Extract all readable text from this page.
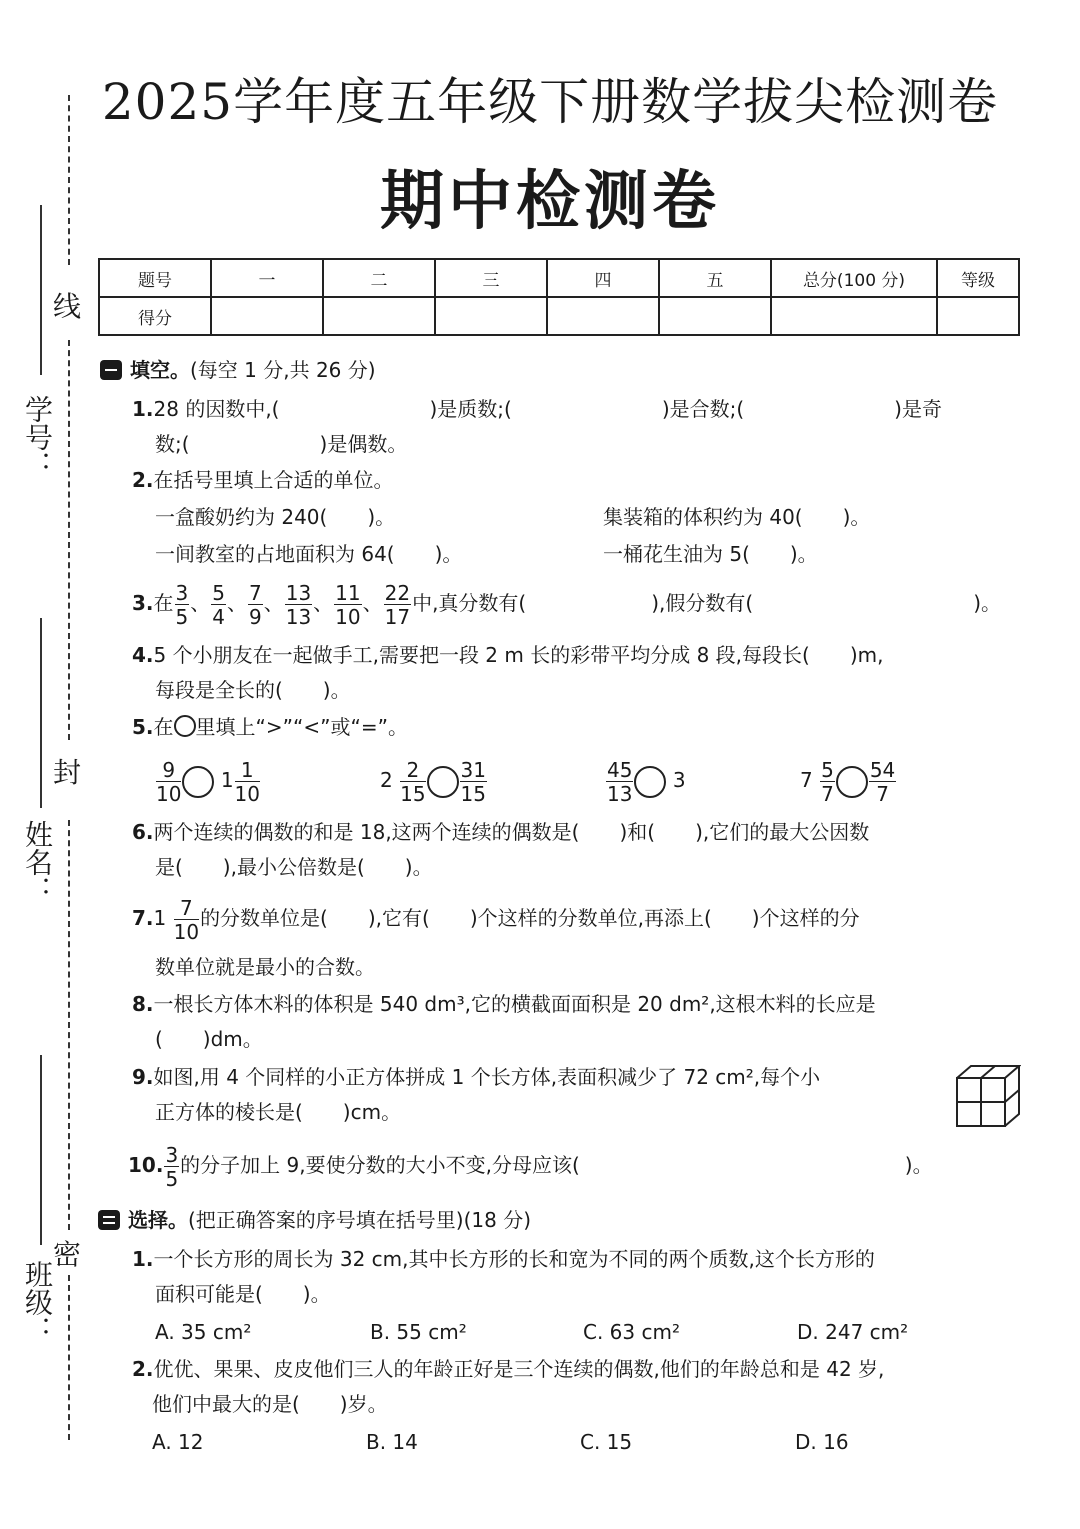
2025学年度五年级下册数学拔尖检测卷
期中检测卷
线
封
密
学号：
姓名：
班级：
题号	一	二	三	四	五	总分(100 分)	等级
得分							
填空。(每空 1 分,共 26 分)
1.28 的因数中,(	)是质数;(	)是合数;(	)是奇
数;(	)是偶数。
2.在括号里填上合适的单位。
一盒酸奶约为 240(　　)。	集装箱的体积约为 40(　　)。
一间教室的占地面积为 64(　　)。	一桶花生油为 5(　　)。
3.在 $\frac{3}{5}$ 、 $\frac{5}{4}$ 、 $\frac{7}{9}$ 、 $\frac{13}{13}$ 、 $\frac{11}{10}$ 、 $\frac{22}{17}$ 中,真分数有(	),假分数有(	)。
4.5 个小朋友在一起做手工,需要把一段 2 m 长的彩带平均分成 8 段,每段长(　　)m,
每段是全长的(　　)。
5.在 里填上“>”“<”或“=”。
$\frac{9}{10} 1 \frac{1}{10}$	$2 \frac{2}{15} \frac{31}{15}$	$\frac{45}{13} 3$	$7 \frac{5}{7} \frac{54}{7}$
6.两个连续的偶数的和是 18,这两个连续的偶数是(　　)和(　　),它们的最大公因数
是(　　),最小公倍数是(　　)。
$7.1 \frac{7}{10}$ 的分数单位是(　　),它有(　　)个这样的分数单位,再添上(　　)个这样的分
数单位就是最小的合数。
8.一根长方体木料的体积是 540 dm³,它的横截面面积是 20 dm²,这根木料的长应是
(　　)dm。
9.如图,用 4 个同样的小正方体拼成 1 个长方体,表面积减少了 72 cm²,每个小
正方体的棱长是(　　)cm。
10. $\frac{3}{5}$ 的分子加上 9,要使分数的大小不变,分母应该(	)。
选择。(把正确答案的序号填在括号里)(18 分)
1.一个长方形的周长为 32 cm,其中长方形的长和宽为不同的两个质数,这个长方形的
面积可能是(　　)。
A. 35 cm²	B. 55 cm²	C. 63 cm²	D. 247 cm²
2.优优、果果、皮皮他们三人的年龄正好是三个连续的偶数,他们的年龄总和是 42 岁,
他们中最大的是(　　)岁。
A. 12	B. 14	C. 15	D. 16
